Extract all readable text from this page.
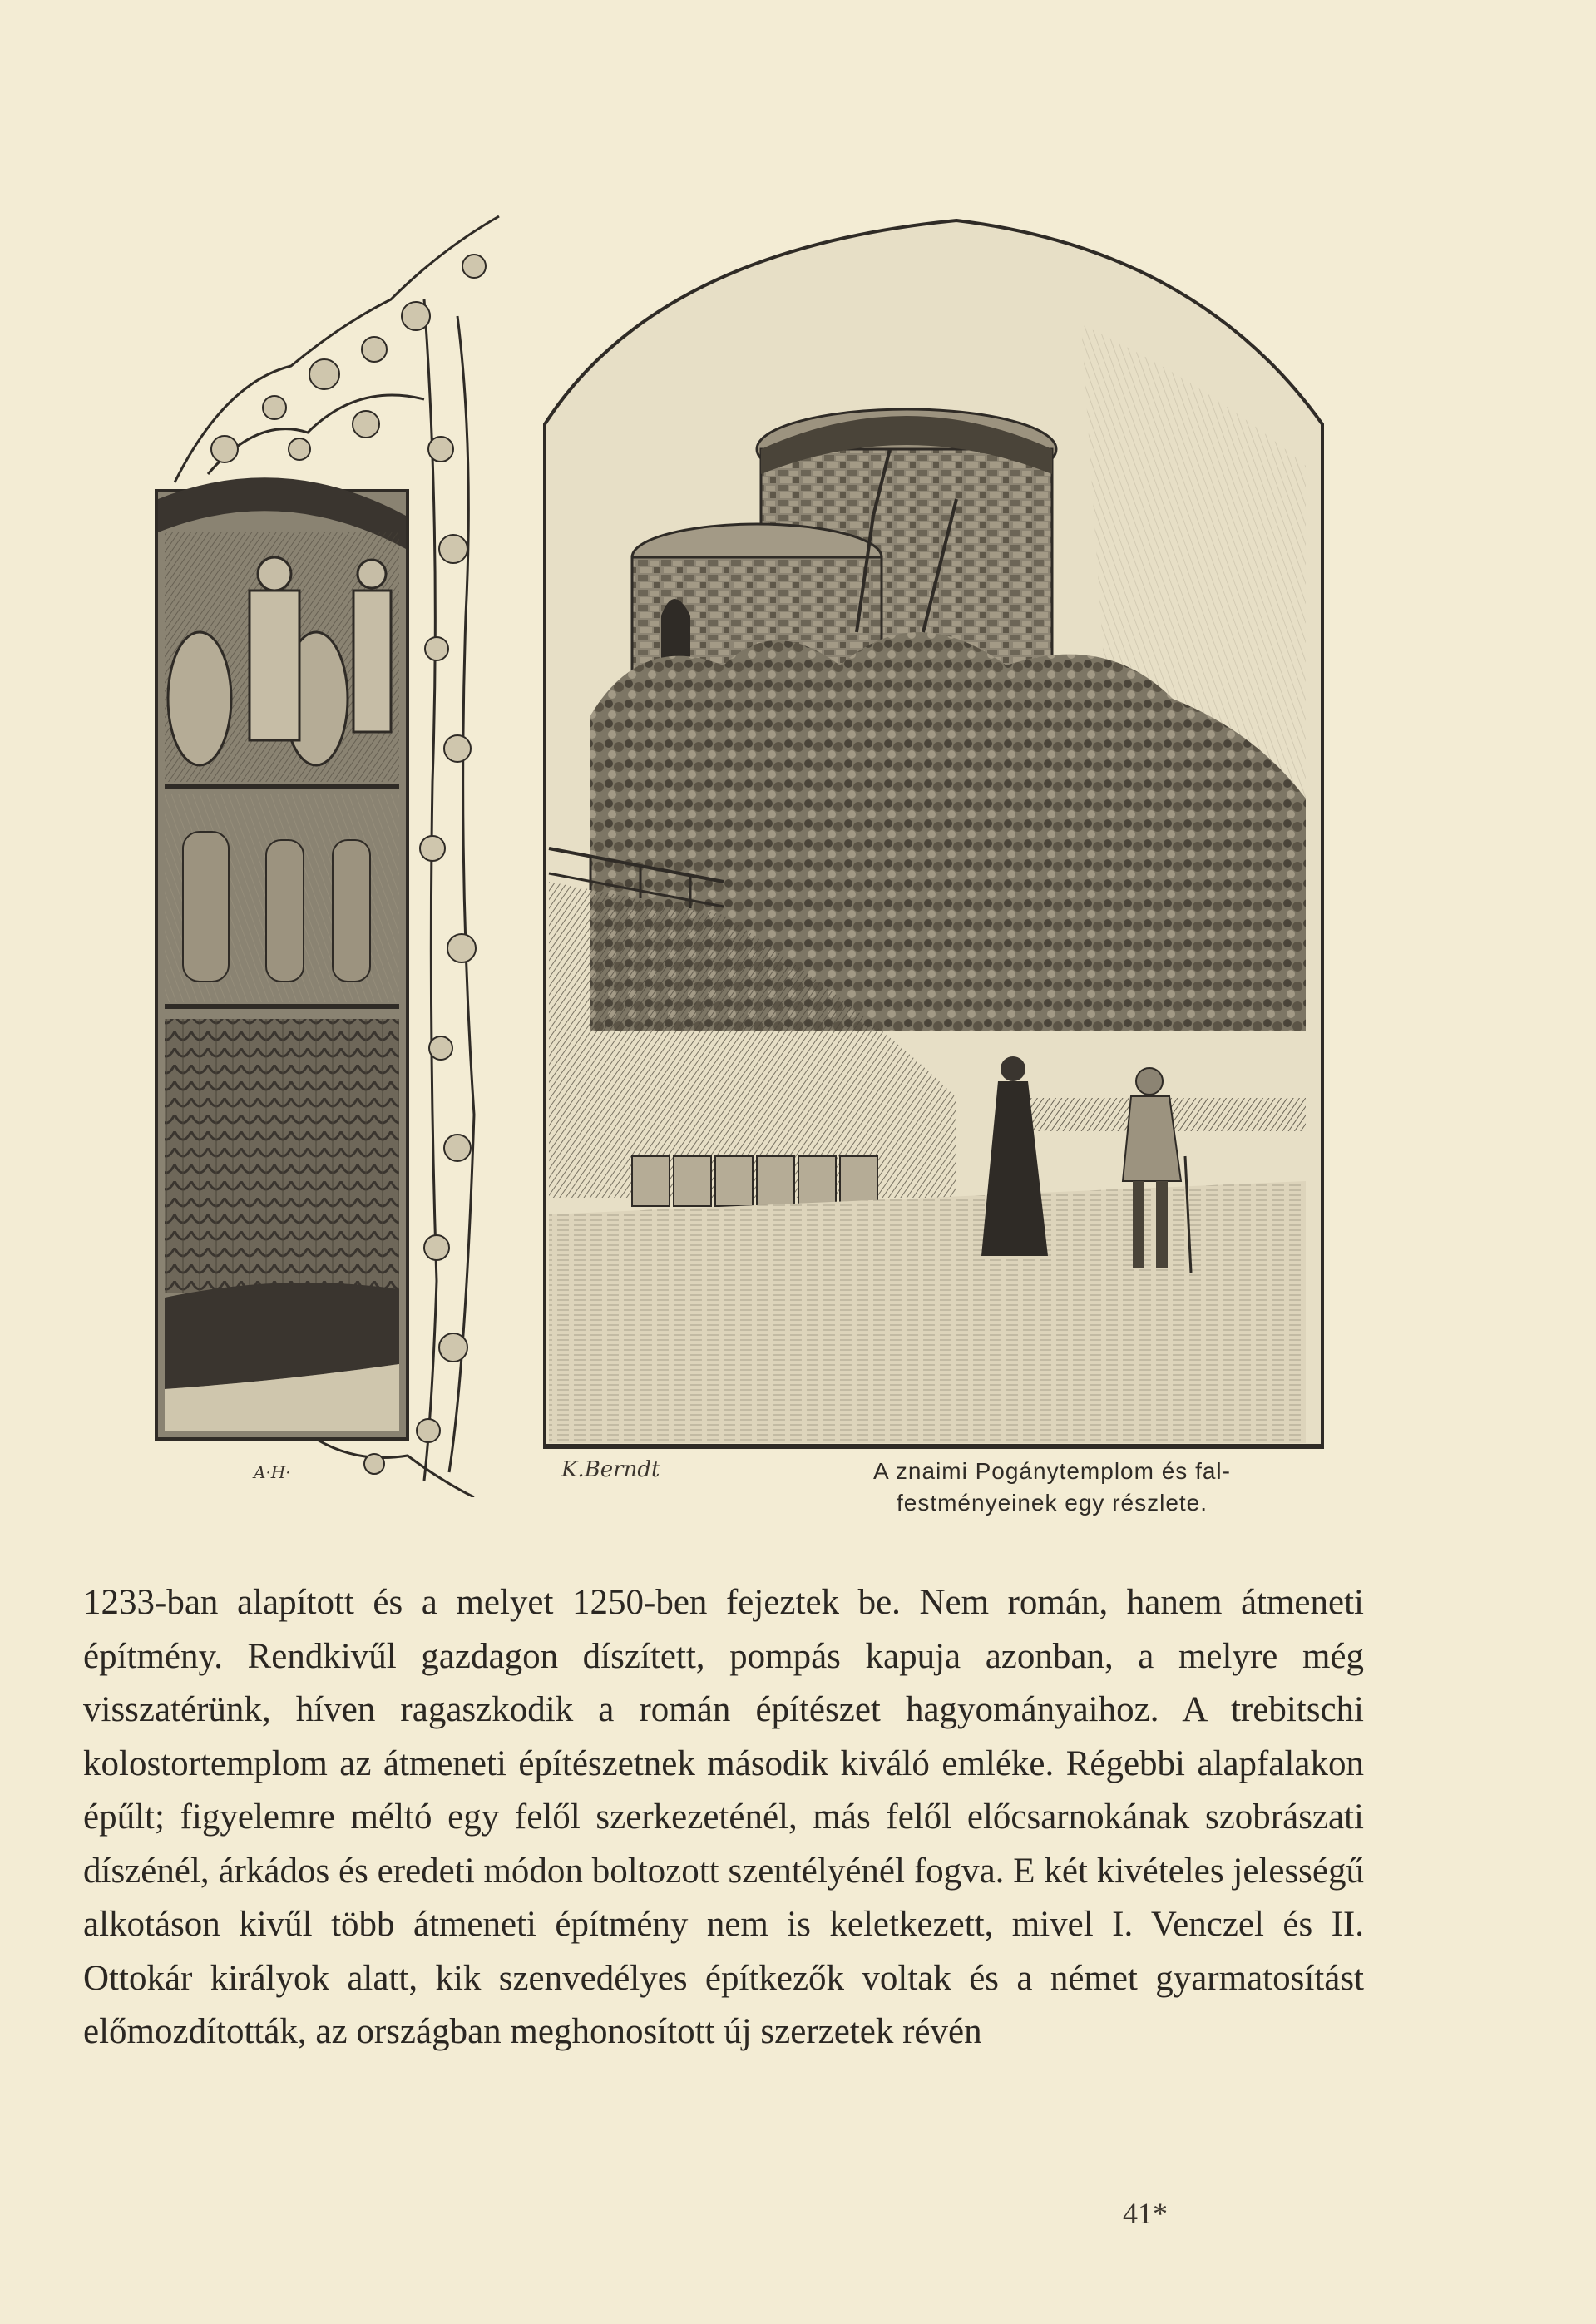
A·H·	K.Berndt	A znaimi Pogánytemplom és fal-
festményeinek egy részlete.

1233-ban alapított és a melyet 1250-ben fejeztek be. Nem román, hanem átmeneti építmény. Rendkivűl gazdagon díszített, pompás kapuja azonban, a melyre még visszatérünk, híven ragaszkodik a román építészet hagyományaihoz. A trebitschi kolostortemplom az átmeneti építészetnek második kiváló emléke. Régebbi alapfalakon épűlt; figyelemre méltó egy felől szerkezeténél, más felől előcsarnokának szobrászati díszénél, árkádos és eredeti módon boltozott szentélyénél fogva. E két kivételes jelességű alkotáson kivűl több átmeneti építmény nem is keletkezett, mivel I. Venczel és II. Ottokár királyok alatt, kik szenvedélyes építkezők voltak és a német gyarmatosítást előmozdították, az országban meghonosított új szerzetek révén

41*
